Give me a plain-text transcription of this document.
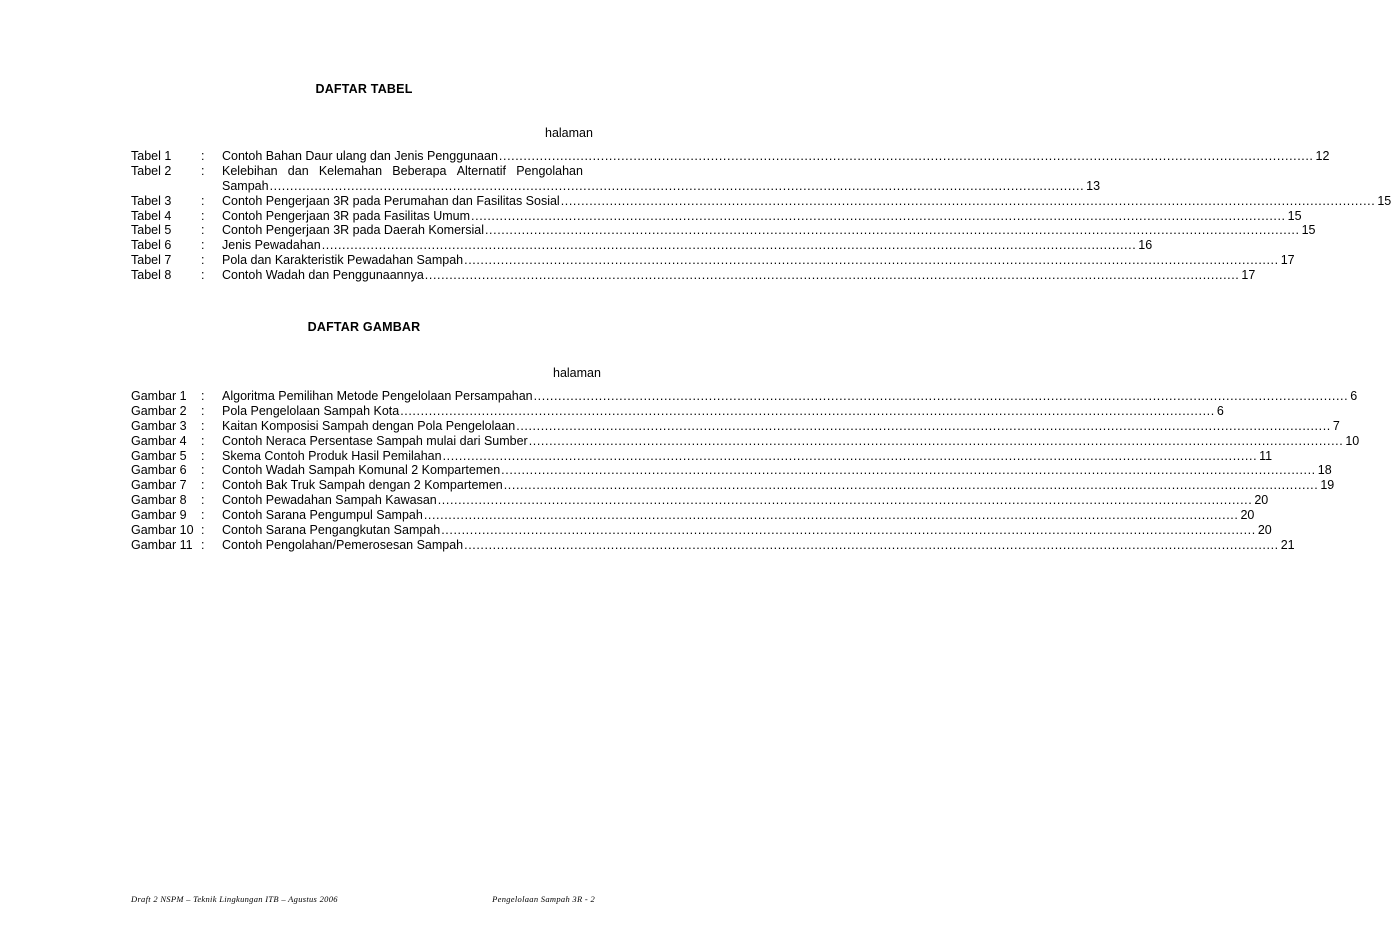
DAFTAR TABEL
halaman
Tabel 1 : Contoh Bahan Daur ulang dan Jenis Penggunaan ........................................................................................................................................................................................................ 12
Tabel 2 : Kelebihan dan Kelemahan Beberapa Alternatif Pengolahan
Sampah ........................................................................................................................................................................................................ 13
Tabel 3 : Contoh Pengerjaan 3R pada Perumahan dan Fasilitas Sosial ........................................................................................................................................................................................................ 15
Tabel 4 : Contoh Pengerjaan 3R pada Fasilitas Umum ........................................................................................................................................................................................................ 15
Tabel 5 : Contoh Pengerjaan 3R pada Daerah Komersial ........................................................................................................................................................................................................ 15
Tabel 6 : Jenis Pewadahan ........................................................................................................................................................................................................ 16
Tabel 7 : Pola dan Karakteristik Pewadahan Sampah ........................................................................................................................................................................................................ 17
Tabel 8 : Contoh Wadah dan Penggunaannya ........................................................................................................................................................................................................ 17
DAFTAR GAMBAR
halaman
Gambar 1 : Algoritma Pemilihan Metode Pengelolaan Persampahan ........................................................................................................................................................................................................ 6
Gambar 2 : Pola Pengelolaan Sampah Kota ........................................................................................................................................................................................................ 6
Gambar 3 : Kaitan Komposisi Sampah dengan Pola Pengelolaan ........................................................................................................................................................................................................ 7
Gambar 4 : Contoh Neraca Persentase Sampah mulai dari Sumber ........................................................................................................................................................................................................ 10
Gambar 5 : Skema Contoh Produk Hasil Pemilahan ........................................................................................................................................................................................................ 11
Gambar 6 : Contoh Wadah Sampah Komunal 2 Kompartemen ........................................................................................................................................................................................................ 18
Gambar 7 : Contoh Bak Truk Sampah dengan 2 Kompartemen ........................................................................................................................................................................................................ 19
Gambar 8 : Contoh Pewadahan Sampah Kawasan ........................................................................................................................................................................................................ 20
Gambar 9 : Contoh Sarana Pengumpul Sampah ........................................................................................................................................................................................................ 20
Gambar 10 : Contoh Sarana Pengangkutan Sampah ........................................................................................................................................................................................................ 20
Gambar 11 : Contoh Pengolahan/Pemerosesan Sampah ........................................................................................................................................................................................................ 21
Draft 2 NSPM – Teknik Lingkungan ITB – Agustus 2006	Pengelolaan Sampah 3R - 2
